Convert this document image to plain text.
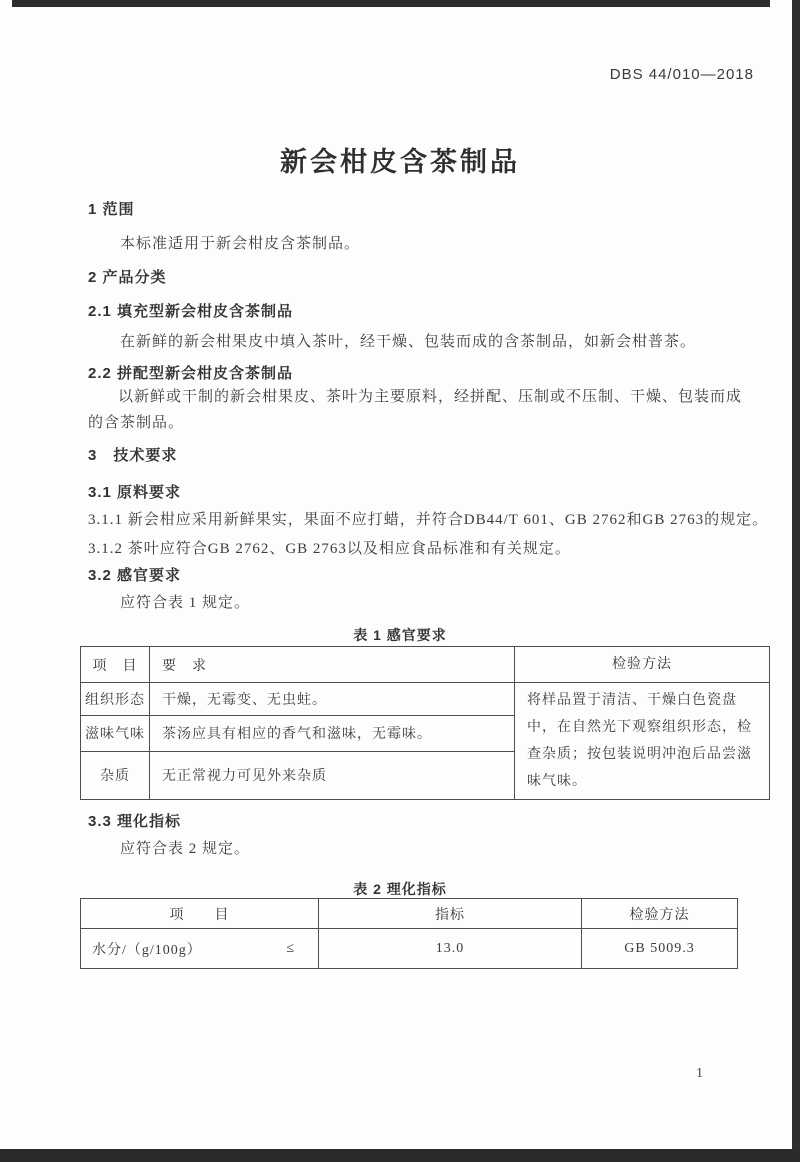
DBS 44/010—2018
新会柑皮含茶制品
1 范围
本标准适用于新会柑皮含茶制品。
2 产品分类
2.1 填充型新会柑皮含茶制品
在新鲜的新会柑果皮中填入茶叶，经干燥、包装而成的含茶制品，如新会柑普茶。
2.2 拼配型新会柑皮含茶制品
以新鲜或干制的新会柑果皮、茶叶为主要原料，经拼配、压制或不压制、干燥、包装而成的含茶制品。
3　技术要求
3.1 原料要求
3.1.1 新会柑应采用新鲜果实，果面不应打蜡，并符合DB44/T 601、GB 2762和GB 2763的规定。
3.1.2 茶叶应符合GB 2762、GB 2763以及相应食品标准和有关规定。
3.2 感官要求
应符合表 1 规定。
表 1 感官要求
项　目	要　求	检验方法
组织形态	干燥，无霉变、无虫蛀。	将样品置于清洁、干燥白色瓷盘中，在自然光下观察组织形态，检查杂质；按包装说明冲泡后品尝滋味气味。
滋味气味	茶汤应具有相应的香气和滋味，无霉味。	
杂质	无正常视力可见外来杂质	
3.3 理化指标
应符合表 2 规定。
表 2 理化指标
项　　目	指标	检验方法

水分/（g/100g） ≤	13.0	GB 5009.3
1
